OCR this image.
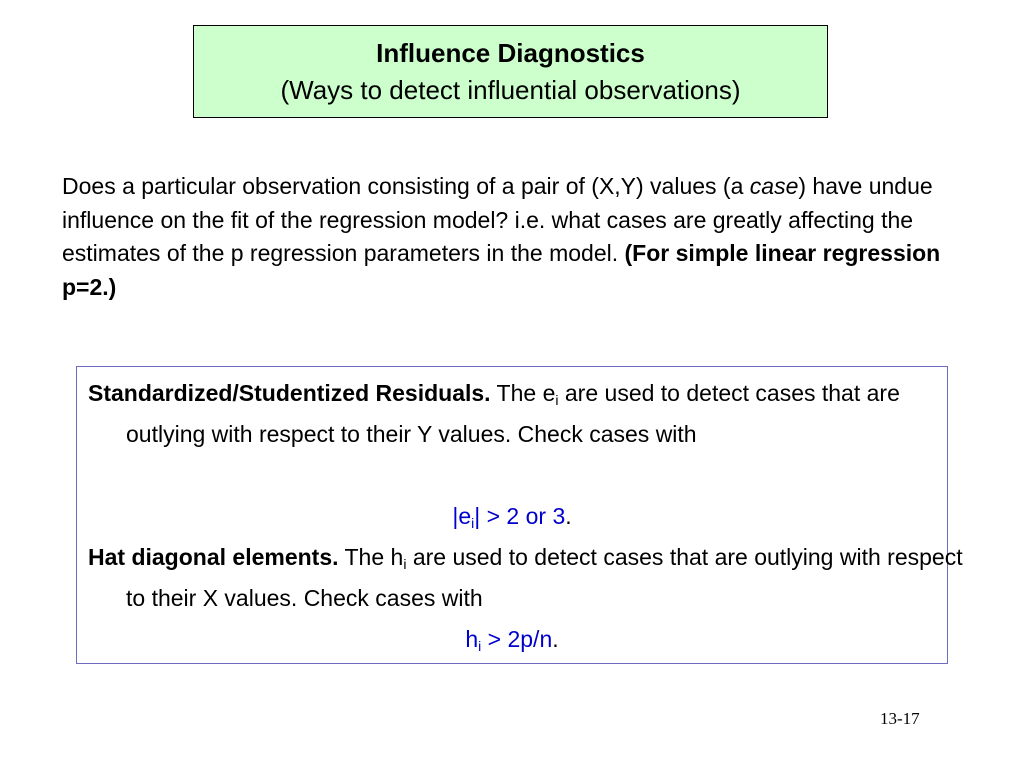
Influence Diagnostics
(Ways to detect influential observations)
Does a particular observation consisting of a pair of (X,Y) values (a case) have undue influence on the fit of the regression model? i.e. what cases are greatly affecting the estimates of the p regression parameters in the model. (For simple linear regression p=2.)
Standardized/Studentized Residuals. The $e_i$ are used to detect cases that are outlying with respect to their Y values. Check cases with
$|e_i| > 2$ or 3.
Hat diagonal elements. The $h_i$ are used to detect cases that are outlying with respect to their X values. Check cases with
$h_i > 2p/n$.
13-17
